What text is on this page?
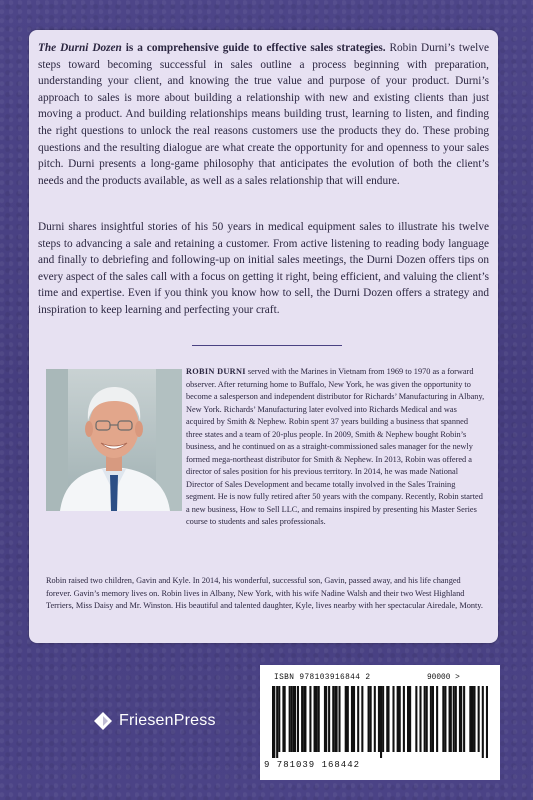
The Durni Dozen is a comprehensive guide to effective sales strategies. Robin Durni’s twelve steps toward becoming successful in sales outline a process beginning with preparation, understanding your client, and knowing the true value and purpose of your product. Durni’s approach to sales is more about building a relationship with new and existing clients than just moving a product. And building relationships means building trust, learning to listen, and finding the right questions to unlock the real reasons customers use the products they do. These probing questions and the resulting dialogue are what create the opportunity for and openness to your sales pitch. Durni presents a long-game philosophy that anticipates the evolution of both the client’s needs and the products available, as well as a sales relationship that will endure.

Durni shares insightful stories of his 50 years in medical equipment sales to illustrate his twelve steps to advancing a sale and retaining a customer. From active listening to reading body language and finally to debriefing and following-up on initial sales meetings, the Durni Dozen offers tips on every aspect of the sales call with a focus on getting it right, being efficient, and valuing the client’s time and expertise. Even if you think you know how to sell, the Durni Dozen offers a strategy and inspiration to keep learning and perfecting your craft.

ROBIN DURNI served with the Marines in Vietnam from 1969 to 1970 as a forward observer. After returning home to Buffalo, New York, he was given the opportunity to become a salesperson and independent distributor for Richards’ Manufacturing in Albany, New York. Richards’ Manufacturing later evolved into Richards Medical and was acquired by Smith & Nephew. Robin spent 37 years building a business that spanned three states and a team of 20-plus people. In 2009, Smith & Nephew bought Robin’s business, and he continued on as a straight-commissioned sales manager for the newly formed mega-northeast distributor for Smith & Nephew. In 2013, Robin was offered a director of sales position for his previous territory. In 2014, he was made National Director of Sales Development and became totally involved in the Sales Training segment. He is now fully retired after 50 years with the company. Recently, Robin started a new business, How to Sell LLC, and remains inspired by presenting his Master Series course to students and sales professionals.

Robin raised two children, Gavin and Kyle. In 2014, his wonderful, successful son, Gavin, passed away, and his life changed forever. Gavin’s memory lives on. Robin lives in Albany, New York, with his wife Nadine Walsh and their two West Highland Terriers, Miss Daisy and Mr. Winston. His beautiful and talented daughter, Kyle, lives nearby with her spectacular Airedale, Monty.

FriesenPress
ISBN 978103916844 2	90000 >
9 781039 168442
